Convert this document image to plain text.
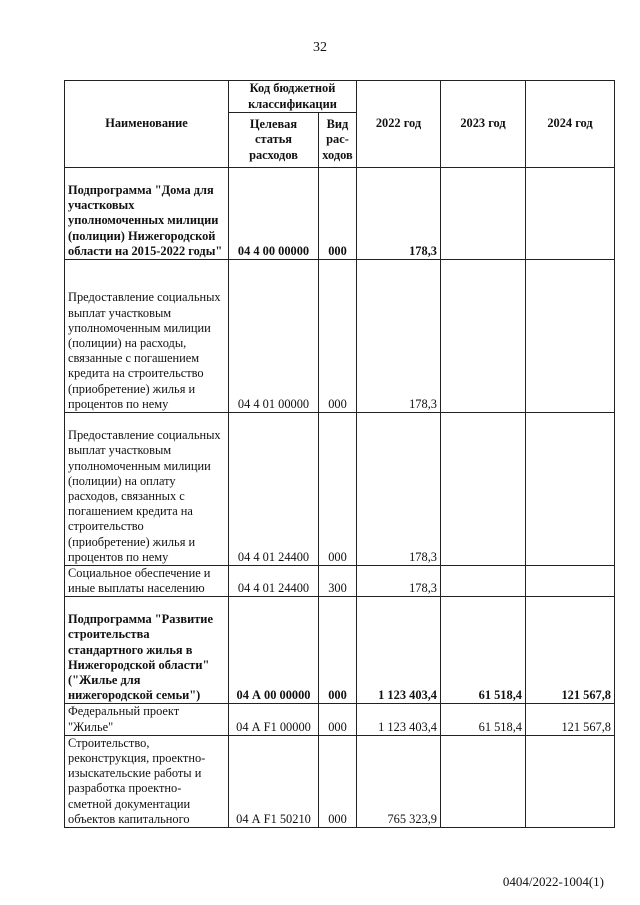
32
Наименование	Код бюджетной классификации		2022 год	2023 год	2024 год
	Целевая статья расходов	Вид рас-ходов			
Подпрограмма "Дома для участковых уполномоченных милиции (полиции) Нижегородской области на 2015-2022 годы"	04 4 00 00000	000	178,3		
Предоставление социальных выплат участковым уполномоченным милиции (полиции) на расходы, связанные с погашением кредита на строительство (приобретение) жилья и процентов по нему	04 4 01 00000	000	178,3		
Предоставление социальных выплат участковым уполномоченным милиции (полиции) на оплату расходов, связанных с погашением кредита на строительство (приобретение) жилья и процентов по нему	04 4 01 24400	000	178,3		
Социальное обеспечение и иные выплаты населению	04 4 01 24400	300	178,3		
Подпрограмма "Развитие строительства стандартного жилья в Нижегородской области" ("Жилье для нижегородской семьи")	04 А 00 00000	000	1 123 403,4	61 518,4	121 567,8
Федеральный проект "Жилье"	04 А F1 00000	000	1 123 403,4	61 518,4	121 567,8
Строительство, реконструкция, проектно-изыскательские работы и разработка проектно-сметной документации объектов капитального	04 А F1 50210	000	765 323,9		
0404/2022-1004(1)
